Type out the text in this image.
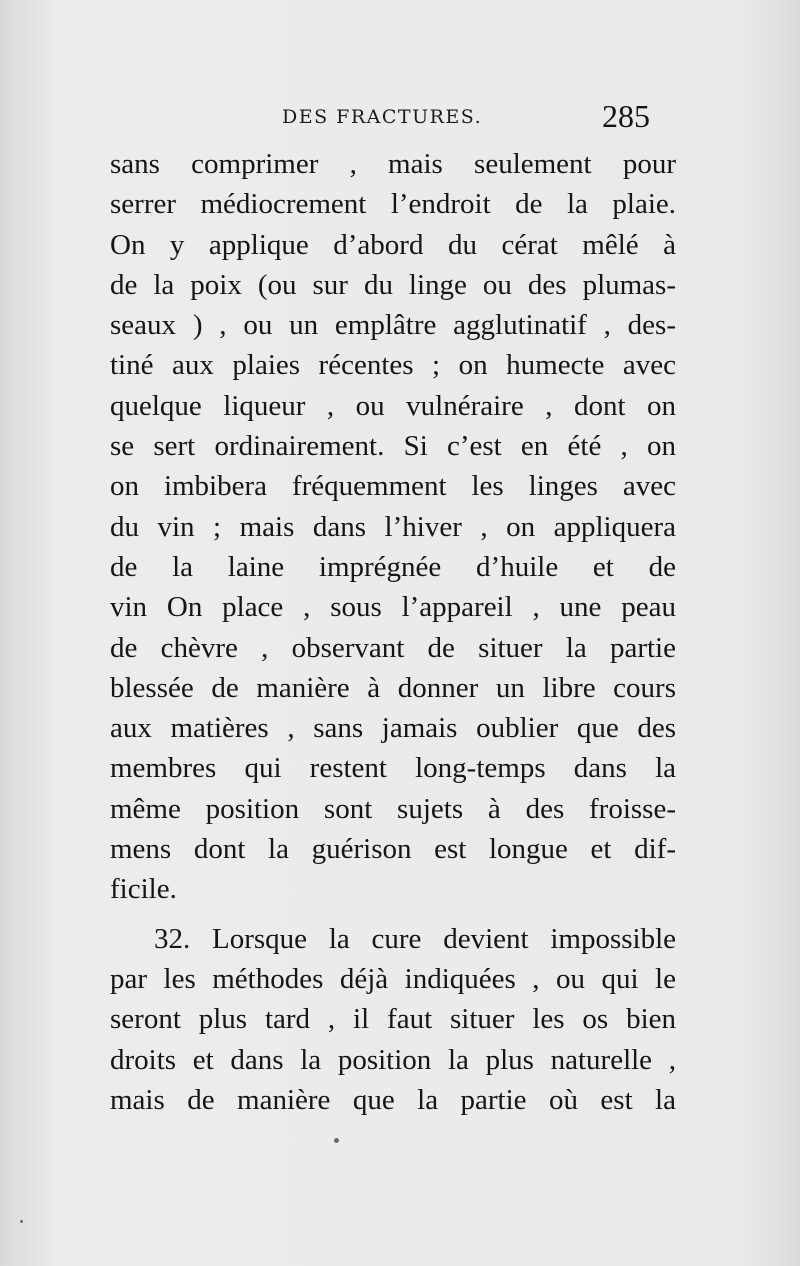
DES FRACTURES.	285
sans comprimer , mais seulement pour
serrer médiocrement l’endroit de la plaie.
On y applique d’abord du cérat mêlé à
de la poix (ou sur du linge ou des plumas-
seaux ) , ou un emplâtre agglutinatif , des-
tiné aux plaies récentes ; on humecte avec
quelque liqueur , ou vulnéraire , dont on
se sert ordinairement. Si c’est en été , on
on imbibera fréquemment les linges avec
du vin ; mais dans l’hiver , on appliquera
de la laine imprégnée d’huile et de
vin On place , sous l’appareil , une peau
de chèvre , observant de situer la partie
blessée de manière à donner un libre cours
aux matières , sans jamais oublier que des
membres qui restent long-temps dans la
même position sont sujets à des froisse-
mens dont la guérison est longue et dif-
ficile.
32. Lorsque la cure devient impossible
par les méthodes déjà indiquées , ou qui le
seront plus tard , il faut situer les os bien
droits et dans la position la plus naturelle ,
mais de manière que la partie où est la
